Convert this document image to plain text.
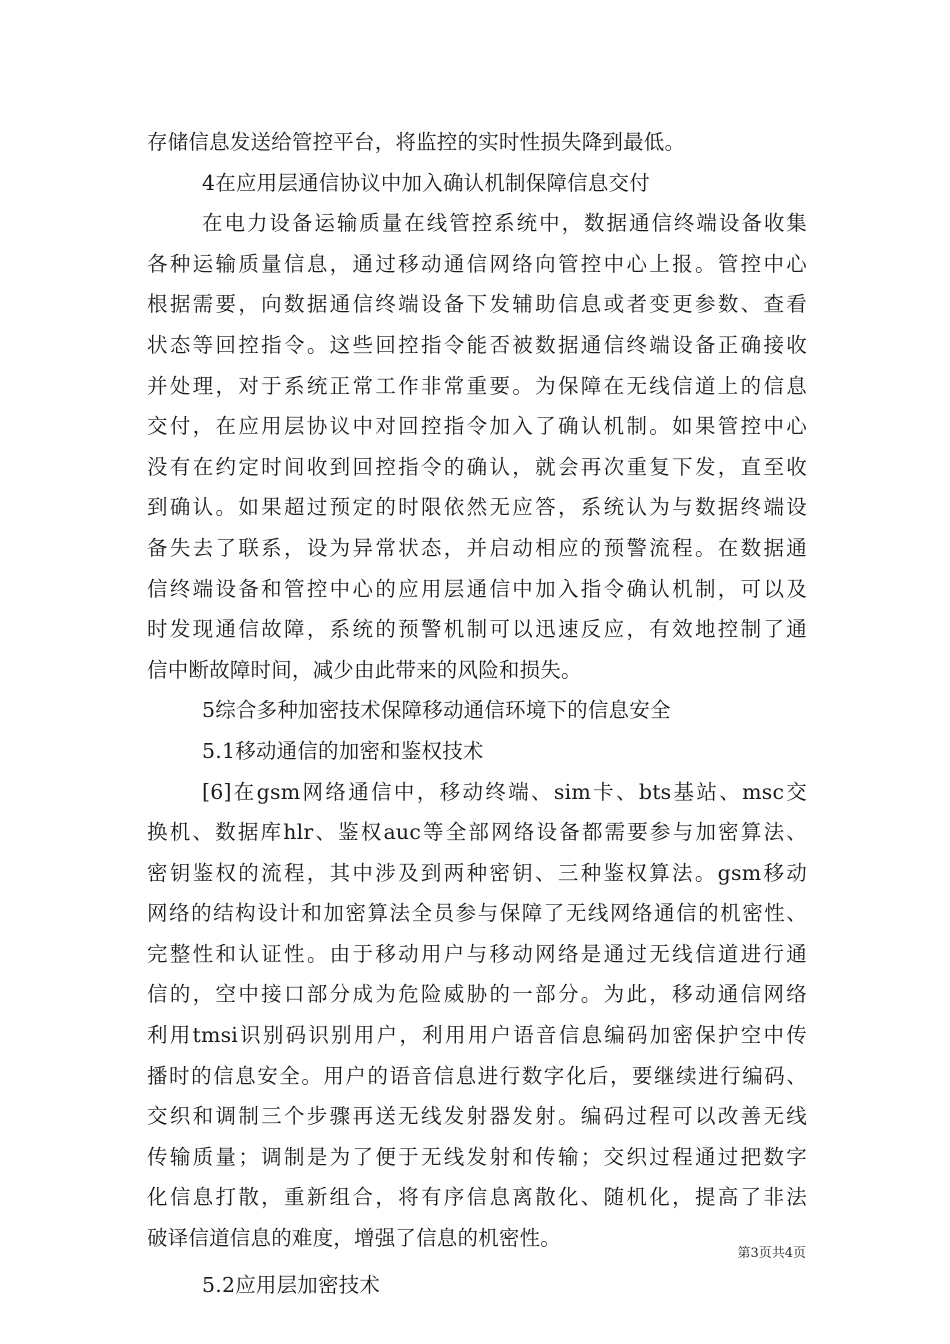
存储信息发送给管控平台，将监控的实时性损失降到最低。
4在应用层通信协议中加入确认机制保障信息交付
在电力设备运输质量在线管控系统中，数据通信终端设备收集
各种运输质量信息，通过移动通信网络向管控中心上报。管控中心
根据需要，向数据通信终端设备下发辅助信息或者变更参数、查看
状态等回控指令。这些回控指令能否被数据通信终端设备正确接收
并处理，对于系统正常工作非常重要。为保障在无线信道上的信息
交付，在应用层协议中对回控指令加入了确认机制。如果管控中心
没有在约定时间收到回控指令的确认，就会再次重复下发，直至收
到确认。如果超过预定的时限依然无应答，系统认为与数据终端设
备失去了联系，设为异常状态，并启动相应的预警流程。在数据通
信终端设备和管控中心的应用层通信中加入指令确认机制，可以及
时发现通信故障，系统的预警机制可以迅速反应，有效地控制了通
信中断故障时间，减少由此带来的风险和损失。
5综合多种加密技术保障移动通信环境下的信息安全
5.1移动通信的加密和鉴权技术
[6]在gsm网络通信中，移动终端、sim卡、bts基站、msc交
换机、数据库hlr、鉴权auc等全部网络设备都需要参与加密算法、
密钥鉴权的流程，其中涉及到两种密钥、三种鉴权算法。gsm移动
网络的结构设计和加密算法全员参与保障了无线网络通信的机密性、
完整性和认证性。由于移动用户与移动网络是通过无线信道进行通
信的，空中接口部分成为危险威胁的一部分。为此，移动通信网络
利用tmsi识别码识别用户，利用用户语音信息编码加密保护空中传
播时的信息安全。用户的语音信息进行数字化后，要继续进行编码、
交织和调制三个步骤再送无线发射器发射。编码过程可以改善无线
传输质量；调制是为了便于无线发射和传输；交织过程通过把数字
化信息打散，重新组合，将有序信息离散化、随机化，提高了非法
破译信道信息的难度，增强了信息的机密性。
5.2应用层加密技术
第3页共4页
